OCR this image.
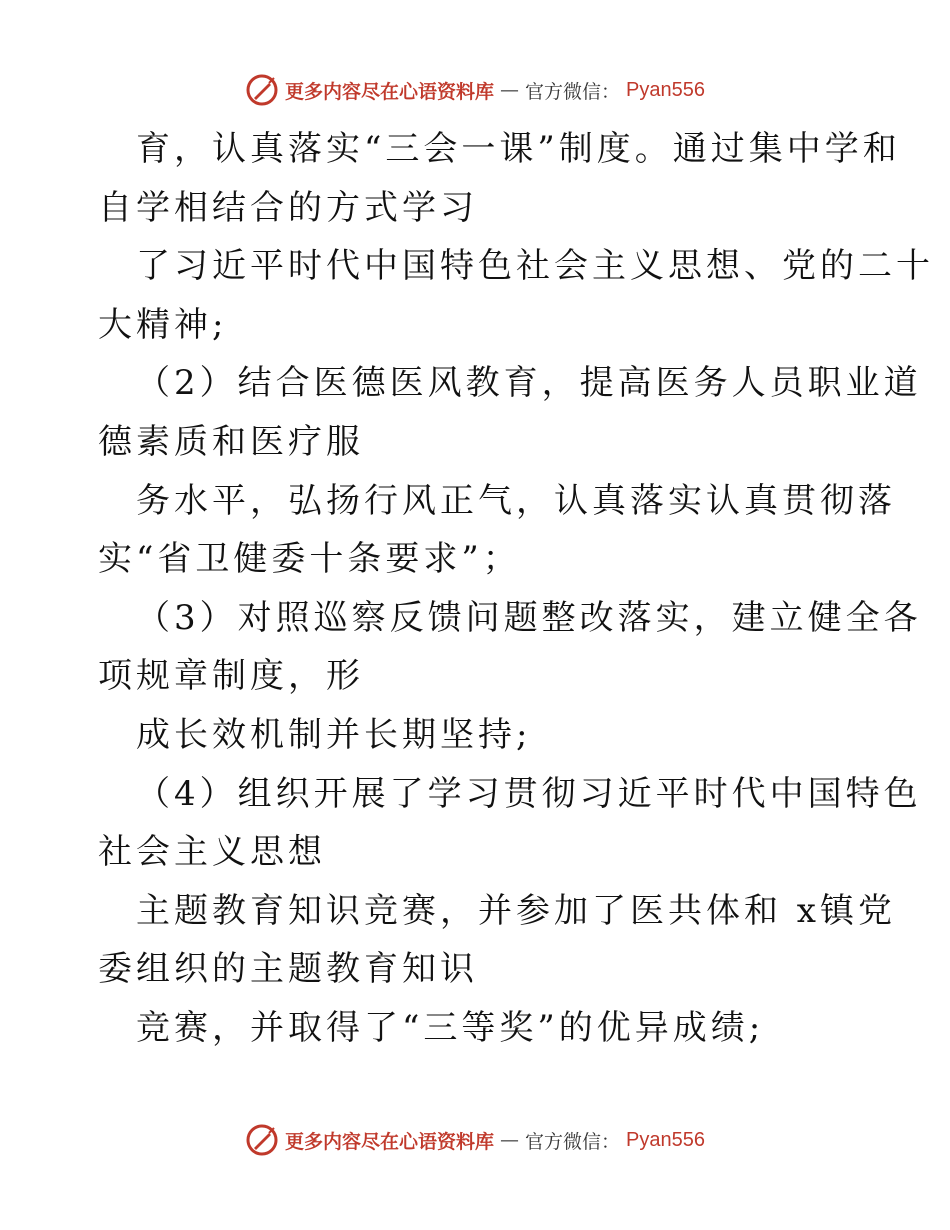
更多内容尽在心语资料库 — 官方微信： Pyan556
育，认真落实“三会一课”制度。通过集中学和
自学相结合的方式学习
了习近平时代中国特色社会主义思想、党的二十
大精神;
（2）结合医德医风教育，提高医务人员职业道
德素质和医疗服
务水平，弘扬行风正气，认真落实认真贯彻落
实“省卫健委十条要求”；
（3）对照巡察反馈问题整改落实，建立健全各
项规章制度，形
成长效机制并长期坚持;
（4）组织开展了学习贯彻习近平时代中国特色
社会主义思想
主题教育知识竞赛，并参加了医共体和 x镇党
委组织的主题教育知识
竞赛，并取得了“三等奖”的优异成绩;
更多内容尽在心语资料库 — 官方微信： Pyan556
